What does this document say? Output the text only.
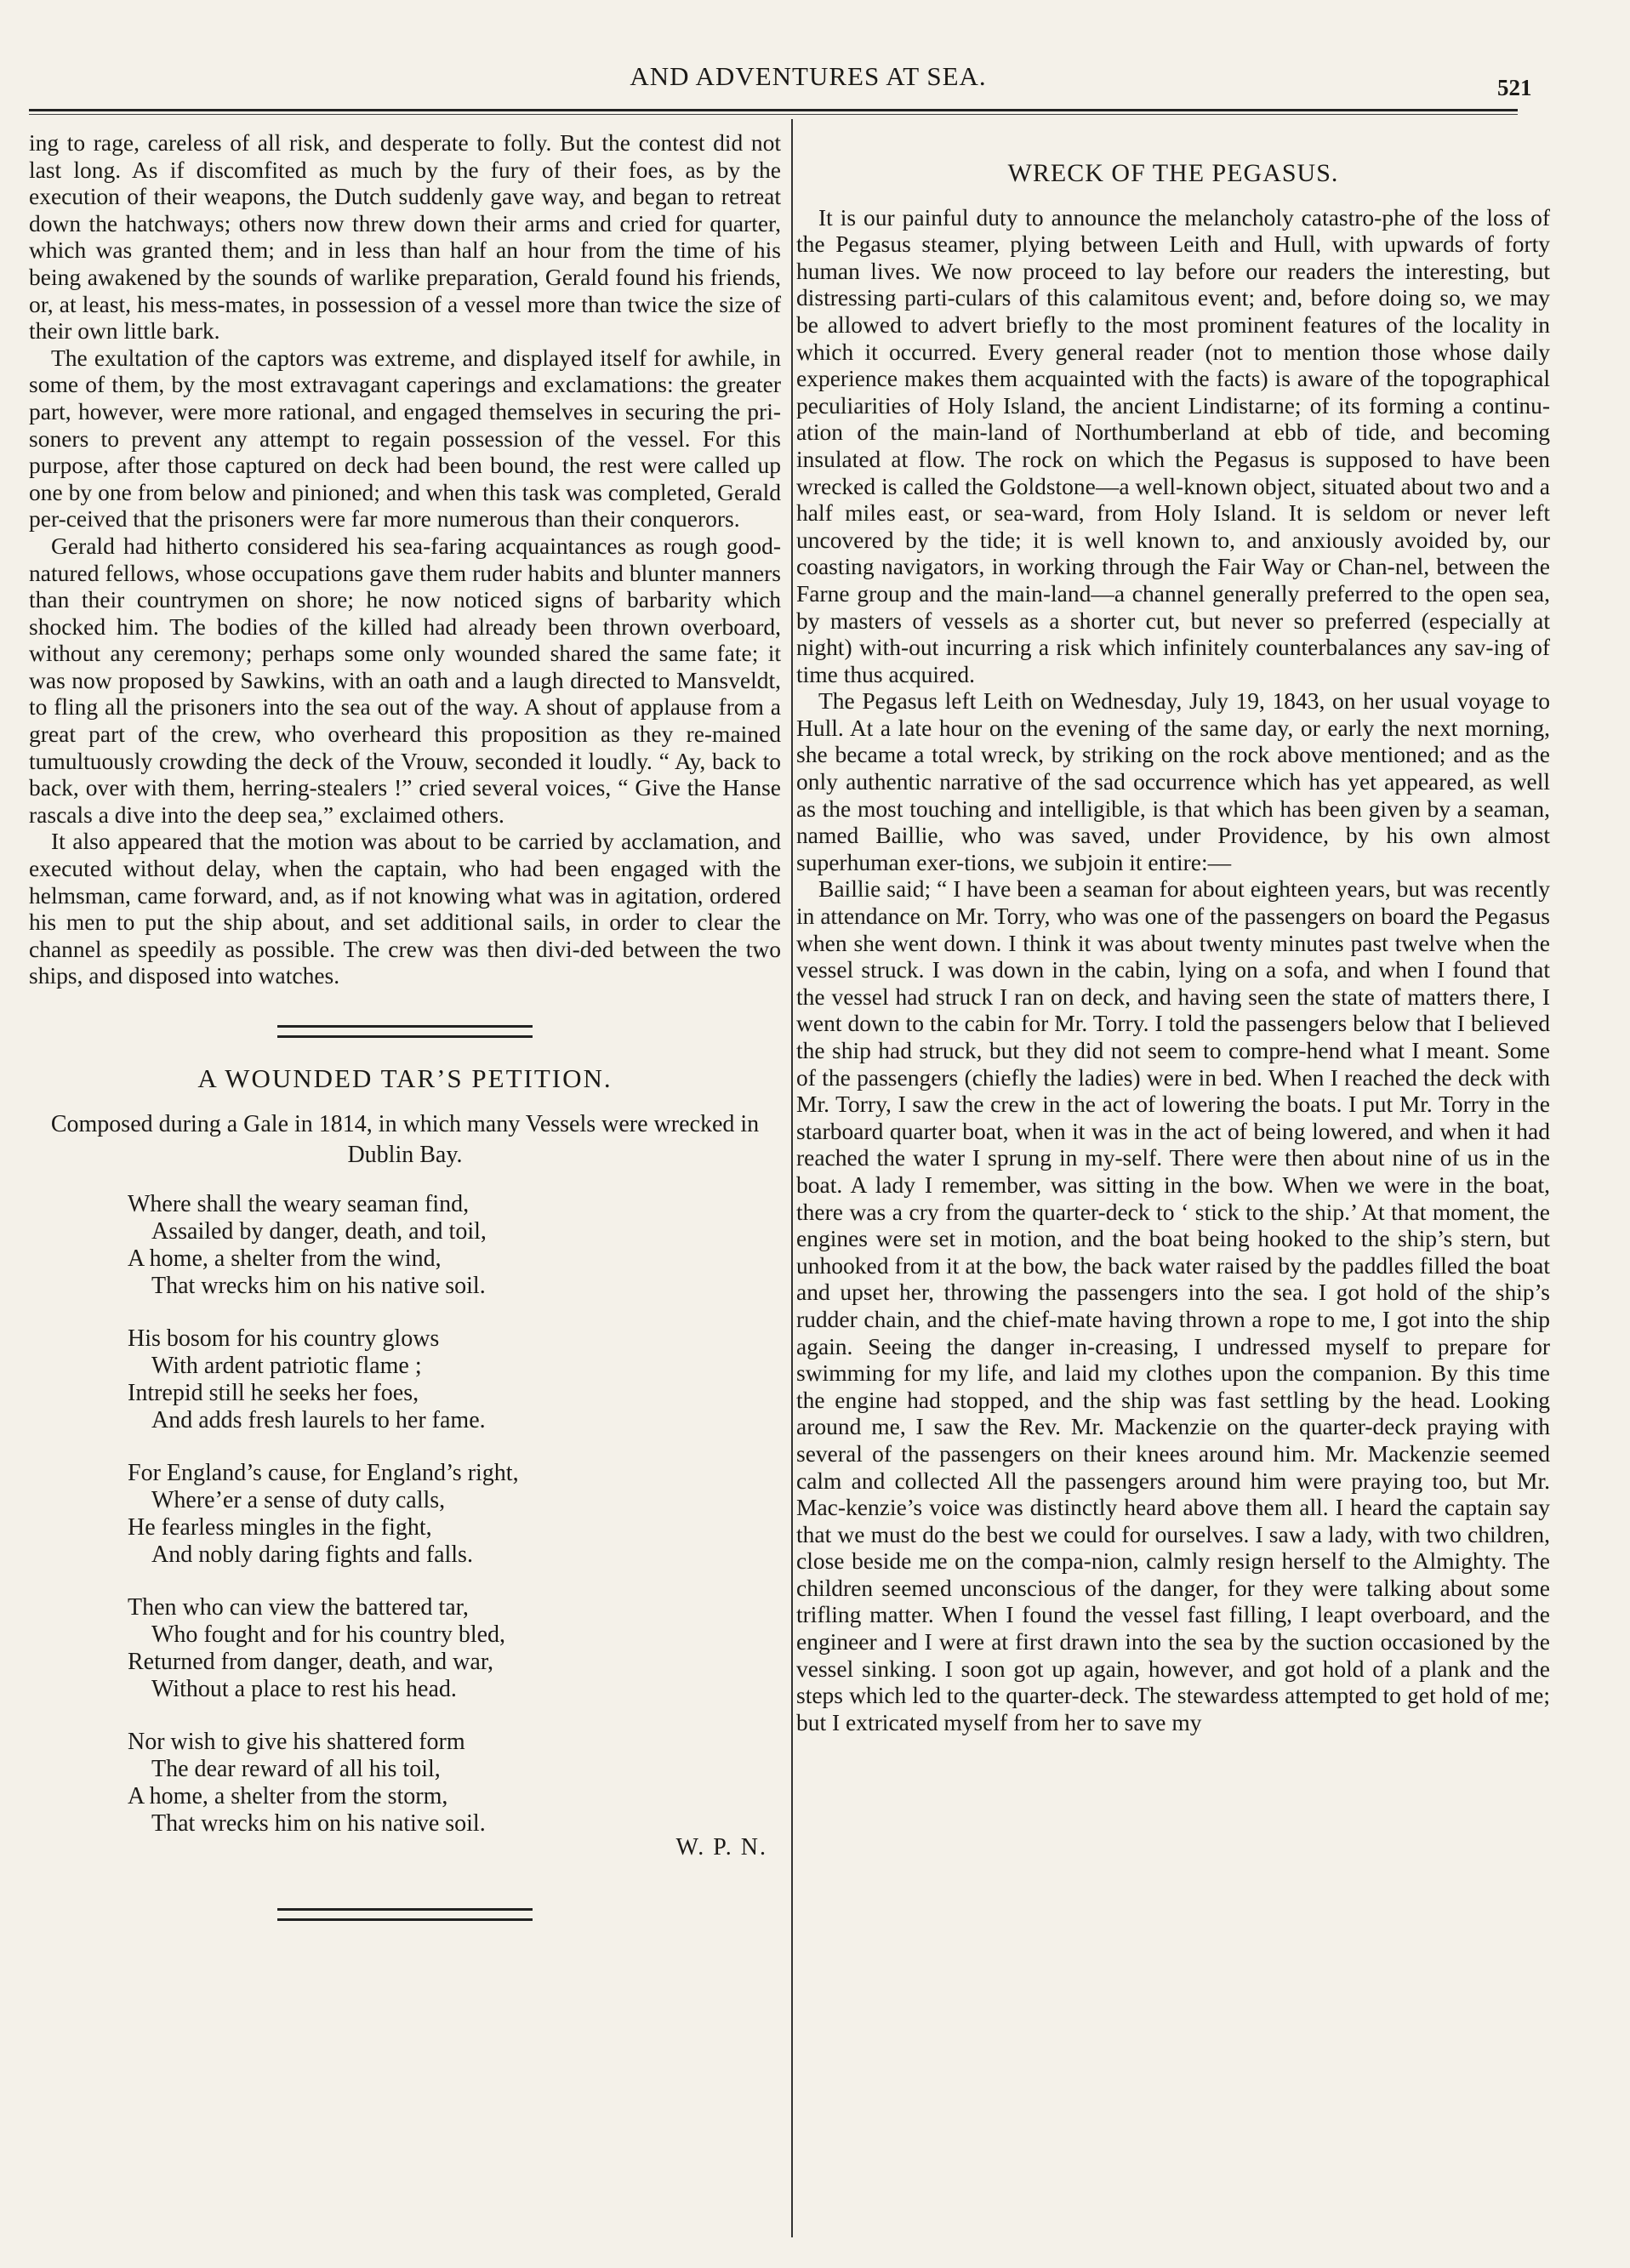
AND ADVENTURES AT SEA.	521

ing to rage, careless of all risk, and desperate to folly. But the contest did not last long. As if discomfited as much by the fury of their foes, as by the execution of their weapons, the Dutch suddenly gave way, and began to retreat down the hatchways; others now threw down their arms and cried for quarter, which was granted them; and in less than half an hour from the time of his being awakened by the sounds of warlike preparation, Gerald found his friends, or, at least, his mess-mates, in possession of a vessel more than twice the size of their own little bark.

The exultation of the captors was extreme, and displayed itself for awhile, in some of them, by the most extravagant caperings and exclamations: the greater part, however, were more rational, and engaged themselves in securing the pri-soners to prevent any attempt to regain possession of the vessel. For this purpose, after those captured on deck had been bound, the rest were called up one by one from below and pinioned; and when this task was completed, Gerald per-ceived that the prisoners were far more numerous than their conquerors.

Gerald had hitherto considered his sea-faring acquaintances as rough good-natured fellows, whose occupations gave them ruder habits and blunter manners than their countrymen on shore; he now noticed signs of barbarity which shocked him. The bodies of the killed had already been thrown overboard, without any ceremony; perhaps some only wounded shared the same fate; it was now proposed by Sawkins, with an oath and a laugh directed to Mansveldt, to fling all the prisoners into the sea out of the way. A shout of applause from a great part of the crew, who overheard this proposition as they re-mained tumultuously crowding the deck of the Vrouw, seconded it loudly. “ Ay, back to back, over with them, herring-stealers !” cried several voices, “ Give the Hanse rascals a dive into the deep sea,” exclaimed others.

It also appeared that the motion was about to be carried by acclamation, and executed without delay, when the captain, who had been engaged with the helmsman, came forward, and, as if not knowing what was in agitation, ordered his men to put the ship about, and set additional sails, in order to clear the channel as speedily as possible. The crew was then divi-ded between the two ships, and disposed into watches.

A WOUNDED TAR’S PETITION.
Composed during a Gale in 1814, in which many Vessels were wrecked in Dublin Bay.
Where shall the weary seaman find,
Assailed by danger, death, and toil,
A home, a shelter from the wind,
That wrecks him on his native soil.
His bosom for his country glows
With ardent patriotic flame ;
Intrepid still he seeks her foes,
And adds fresh laurels to her fame.
For England’s cause, for England’s right,
Where’er a sense of duty calls,
He fearless mingles in the fight,
And nobly daring fights and falls.
Then who can view the battered tar,
Who fought and for his country bled,
Returned from danger, death, and war,
Without a place to rest his head.
Nor wish to give his shattered form
The dear reward of all his toil,
A home, a shelter from the storm,
That wrecks him on his native soil.
W. P. N.
WRECK OF THE PEGASUS.

It is our painful duty to announce the melancholy catastro-phe of the loss of the Pegasus steamer, plying between Leith and Hull, with upwards of forty human lives. We now proceed to lay before our readers the interesting, but distressing parti-culars of this calamitous event; and, before doing so, we may be allowed to advert briefly to the most prominent features of the locality in which it occurred. Every general reader (not to mention those whose daily experience makes them acquainted with the facts) is aware of the topographical peculiarities of Holy Island, the ancient Lindistarne; of its forming a continu-ation of the main-land of Northumberland at ebb of tide, and becoming insulated at flow. The rock on which the Pegasus is supposed to have been wrecked is called the Goldstone—a well-known object, situated about two and a half miles east, or sea-ward, from Holy Island. It is seldom or never left uncovered by the tide; it is well known to, and anxiously avoided by, our coasting navigators, in working through the Fair Way or Chan-nel, between the Farne group and the main-land—a channel generally preferred to the open sea, by masters of vessels as a shorter cut, but never so preferred (especially at night) with-out incurring a risk which infinitely counterbalances any sav-ing of time thus acquired.

The Pegasus left Leith on Wednesday, July 19, 1843, on her usual voyage to Hull. At a late hour on the evening of the same day, or early the next morning, she became a total wreck, by striking on the rock above mentioned; and as the only authentic narrative of the sad occurrence which has yet appeared, as well as the most touching and intelligible, is that which has been given by a seaman, named Baillie, who was saved, under Providence, by his own almost superhuman exer-tions, we subjoin it entire:—

Baillie said; “ I have been a seaman for about eighteen years, but was recently in attendance on Mr. Torry, who was one of the passengers on board the Pegasus when she went down. I think it was about twenty minutes past twelve when the vessel struck. I was down in the cabin, lying on a sofa, and when I found that the vessel had struck I ran on deck, and having seen the state of matters there, I went down to the cabin for Mr. Torry. I told the passengers below that I believed the ship had struck, but they did not seem to compre-hend what I meant. Some of the passengers (chiefly the ladies) were in bed. When I reached the deck with Mr. Torry, I saw the crew in the act of lowering the boats. I put Mr. Torry in the starboard quarter boat, when it was in the act of being lowered, and when it had reached the water I sprung in my-self. There were then about nine of us in the boat. A lady I remember, was sitting in the bow. When we were in the boat, there was a cry from the quarter-deck to ‘ stick to the ship.’ At that moment, the engines were set in motion, and the boat being hooked to the ship’s stern, but unhooked from it at the bow, the back water raised by the paddles filled the boat and upset her, throwing the passengers into the sea. I got hold of the ship’s rudder chain, and the chief-mate having thrown a rope to me, I got into the ship again. Seeing the danger in-creasing, I undressed myself to prepare for swimming for my life, and laid my clothes upon the companion. By this time the engine had stopped, and the ship was fast settling by the head. Looking around me, I saw the Rev. Mr. Mackenzie on the quarter-deck praying with several of the passengers on their knees around him. Mr. Mackenzie seemed calm and collected All the passengers around him were praying too, but Mr. Mac-kenzie’s voice was distinctly heard above them all. I heard the captain say that we must do the best we could for ourselves. I saw a lady, with two children, close beside me on the compa-nion, calmly resign herself to the Almighty. The children seemed unconscious of the danger, for they were talking about some trifling matter. When I found the vessel fast filling, I leapt overboard, and the engineer and I were at first drawn into the sea by the suction occasioned by the vessel sinking. I soon got up again, however, and got hold of a plank and the steps which led to the quarter-deck. The stewardess attempted to get hold of me; but I extricated myself from her to save my
